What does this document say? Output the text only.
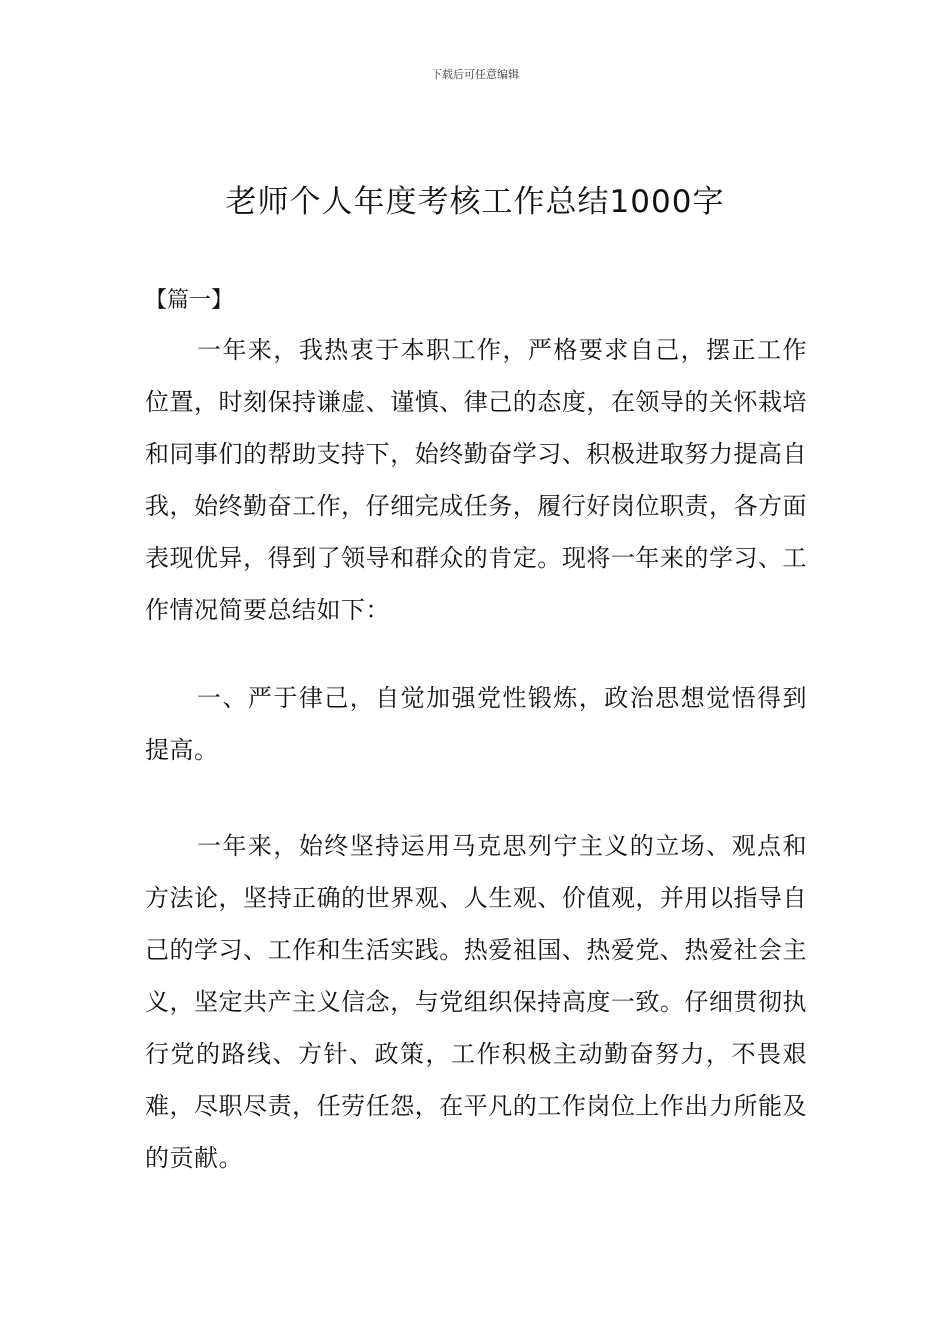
下载后可任意编辑
老师个人年度考核工作总结1000字
【篇一】

一年来，我热衷于本职工作，严格要求自己，摆正工作位置，时刻保持谦虚、谨慎、律己的态度，在领导的关怀栽培和同事们的帮助支持下，始终勤奋学习、积极进取努力提高自我，始终勤奋工作，仔细完成任务，履行好岗位职责，各方面表现优异，得到了领导和群众的肯定。现将一年来的学习、工作情况简要总结如下：

一、严于律己，自觉加强党性锻炼，政治思想觉悟得到提高。

一年来，始终坚持运用马克思列宁主义的立场、观点和方法论，坚持正确的世界观、人生观、价值观，并用以指导自己的学习、工作和生活实践。热爱祖国、热爱党、热爱社会主义，坚定共产主义信念，与党组织保持高度一致。仔细贯彻执行党的路线、方针、政策，工作积极主动勤奋努力，不畏艰难，尽职尽责，任劳任怨，在平凡的工作岗位上作出力所能及的贡献。
